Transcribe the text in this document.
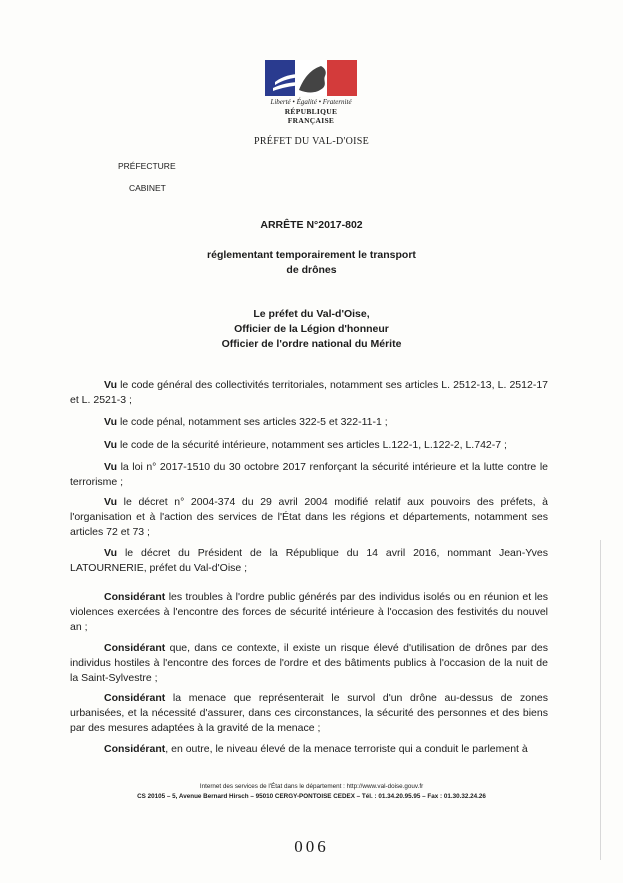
Liberté • Égalité • Fraternité
RÉPUBLIQUE FRANÇAISE
PRÉFET DU VAL-D'OISE
PRÉFECTURE
CABINET
ARRÊTE N°2017-802
réglementant temporairement le transport
de drônes
Le préfet du Val-d'Oise,
Officier de la Légion d'honneur
Officier de l'ordre national du Mérite
Vu le code général des collectivités territoriales, notamment ses articles L. 2512-13, L. 2512-17 et L. 2521-3 ;
Vu le code pénal, notamment ses articles 322-5 et 322-11-1 ;
Vu le code de la sécurité intérieure, notamment ses articles L.122-1, L.122-2, L.742-7 ;
Vu la loi n° 2017-1510 du 30 octobre 2017 renforçant la sécurité intérieure et la lutte contre le terrorisme ;
Vu le décret n° 2004-374 du 29 avril 2004 modifié relatif aux pouvoirs des préfets, à l'organisation et à l'action des services de l'État dans les régions et départements, notamment ses articles 72 et 73 ;
Vu le décret du Président de la République du 14 avril 2016, nommant Jean-Yves LATOURNERIE, préfet du Val-d'Oise ;
Considérant les troubles à l'ordre public générés par des individus isolés ou en réunion et les violences exercées à l'encontre des forces de sécurité intérieure à l'occasion des festivités du nouvel an ;
Considérant que, dans ce contexte, il existe un risque élevé d'utilisation de drônes par des individus hostiles à l'encontre des forces de l'ordre et des bâtiments publics à l'occasion de la nuit de la Saint-Sylvestre ;
Considérant la menace que représenterait le survol d'un drône au-dessus de zones urbanisées, et la nécessité d'assurer, dans ces circonstances, la sécurité des personnes et des biens par des mesures adaptées à la gravité de la menace ;
Considérant, en outre, le niveau élevé de la menace terroriste qui a conduit le parlement à
Internet des services de l'État dans le département : http://www.val-doise.gouv.fr
CS 20105 – 5, Avenue Bernard Hirsch – 95010 CERGY-PONTOISE CEDEX – Tél. : 01.34.20.95.95 – Fax : 01.30.32.24.26
006
